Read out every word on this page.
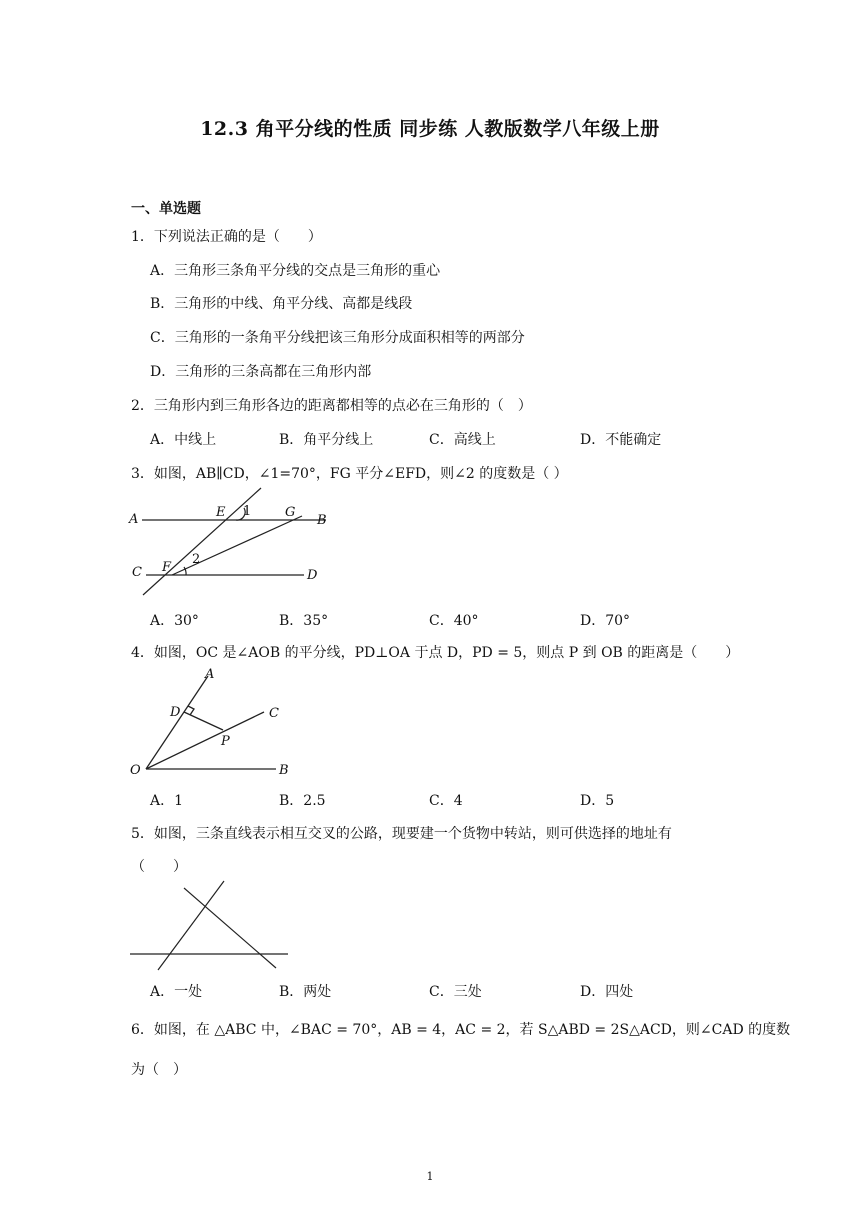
12.3 角平分线的性质 同步练 人教版数学八年级上册
一、单选题
1．下列说法正确的是（　　）
A．三角形三条角平分线的交点是三角形的重心
B．三角形的中线、角平分线、高都是线段
C．三角形的一条角平分线把该三角形分成面积相等的两部分
D．三角形的三条高都在三角形内部
2．三角形内到三角形各边的距离都相等的点必在三角形的（　）
A．中线上	B．角平分线上	C．高线上	D．不能确定
3．如图，AB∥CD，∠1=70°，FG 平分∠EFD，则∠2 的度数是（ ）
A	B
C	D
E
F
G
1
2
A．30°	B．35°	C．40°	D．70°
4．如图，OC 是∠AOB 的平分线，PD⊥OA 于点 D，PD = 5，则点 P 到 OB 的距离是（　　）
A
B
C
D
O
P
A．1	B．2.5	C．4	D．5
5．如图，三条直线表示相互交叉的公路，现要建一个货物中转站，则可供选择的地址有
（　　）
A．一处	B．两处	C．三处	D．四处
6．如图，在 △ABC 中，∠BAC = 70°，AB = 4，AC = 2，若 S△ABD = 2S△ACD，则∠CAD 的度数
为（　）
1
